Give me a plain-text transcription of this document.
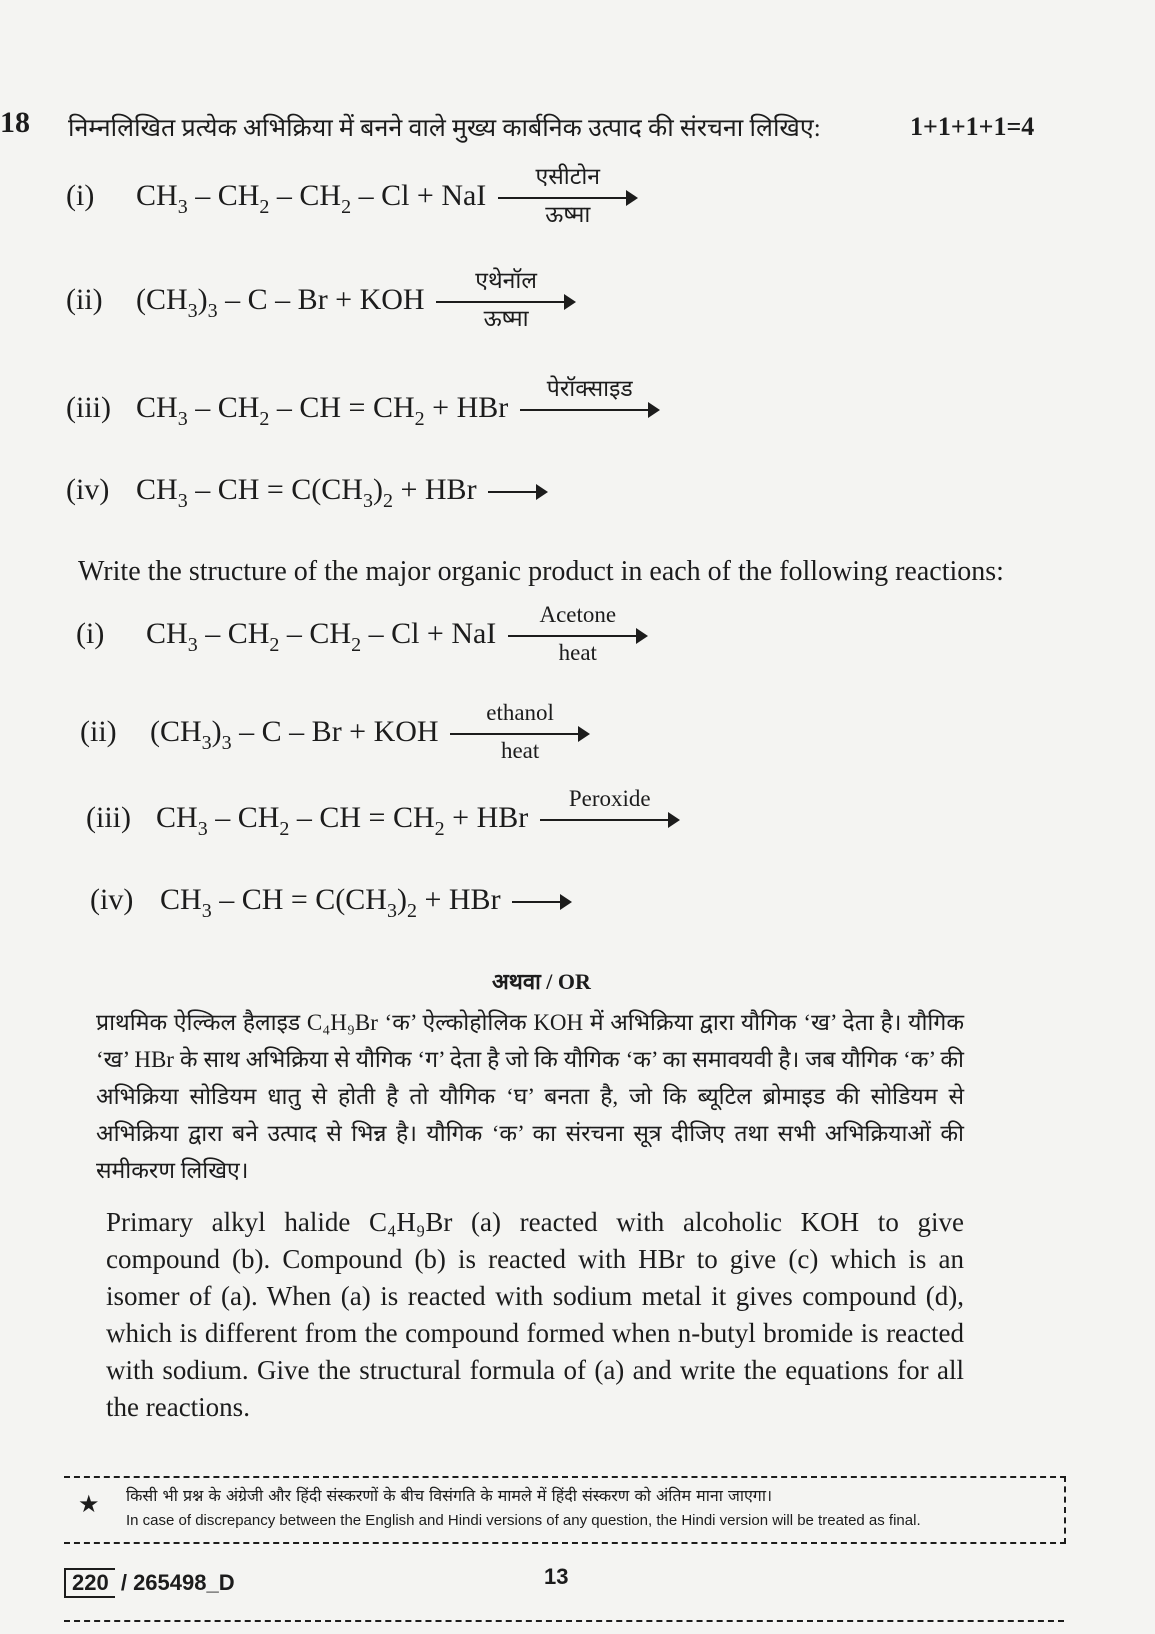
18 निम्नलिखित प्रत्येक अभिक्रिया में बनने वाले मुख्य कार्बनिक उत्पाद की संरचना लिखिए:	1+1+1+1=4
(i) $CH_3 - CH_2 - CH_2$ – Cl + NaI
एसीटोन
ऊष्मा
(ii) $(CH_3)_3$ – C – Br + KOH
एथेनॉल
ऊष्मा
(iii) $CH_3 - CH_2$ – CH = $CH_2$ + HBr
पेरॉक्साइड
(iv) $CH_3$ – CH = $C(CH_3)_2$ + HBr
Write the structure of the major organic product in each of the following reactions:
(i) $CH_3 - CH_2 - CH_2$ – Cl + NaI
Acetone
heat
(ii) $(CH_3)_3$ – C – Br + KOH
ethanol
heat
(iii) $CH_3 - CH_2$ – CH = $CH_2$ + HBr
Peroxide
(iv) $CH_3$ – CH = $C(CH_3)_2$ + HBr
अथवा / OR
प्राथमिक ऐल्किल हैलाइड C₄H₉Br ‘क’ ऐल्कोहोलिक KOH में अभिक्रिया द्वारा यौगिक ‘ख’ देता है। यौगिक ‘ख’ HBr के साथ अभिक्रिया से यौगिक ‘ग’ देता है जो कि यौगिक ‘क’ का समावयवी है। जब यौगिक ‘क’ की अभिक्रिया सोडियम धातु से होती है तो यौगिक ‘घ’ बनता है, जो कि ब्यूटिल ब्रोमाइड की सोडियम से अभिक्रिया द्वारा बने उत्पाद से भिन्न है। यौगिक ‘क’ का संरचना सूत्र दीजिए तथा सभी अभिक्रियाओं की समीकरण लिखिए।
Primary alkyl halide C₄H₉Br (a) reacted with alcoholic KOH to give compound (b). Compound (b) is reacted with HBr to give (c) which is an isomer of (a). When (a) is reacted with sodium metal it gives compound (d), which is different from the compound formed when n-butyl bromide is reacted with sodium. Give the structural formula of (a) and write the equations for all the reactions.
★ किसी भी प्रश्न के अंग्रेजी और हिंदी संस्करणों के बीच विसंगति के मामले में हिंदी संस्करण को अंतिम माना जाएगा।
In case of discrepancy between the English and Hindi versions of any question, the Hindi version will be treated as final.
220 / 265498_D	13
